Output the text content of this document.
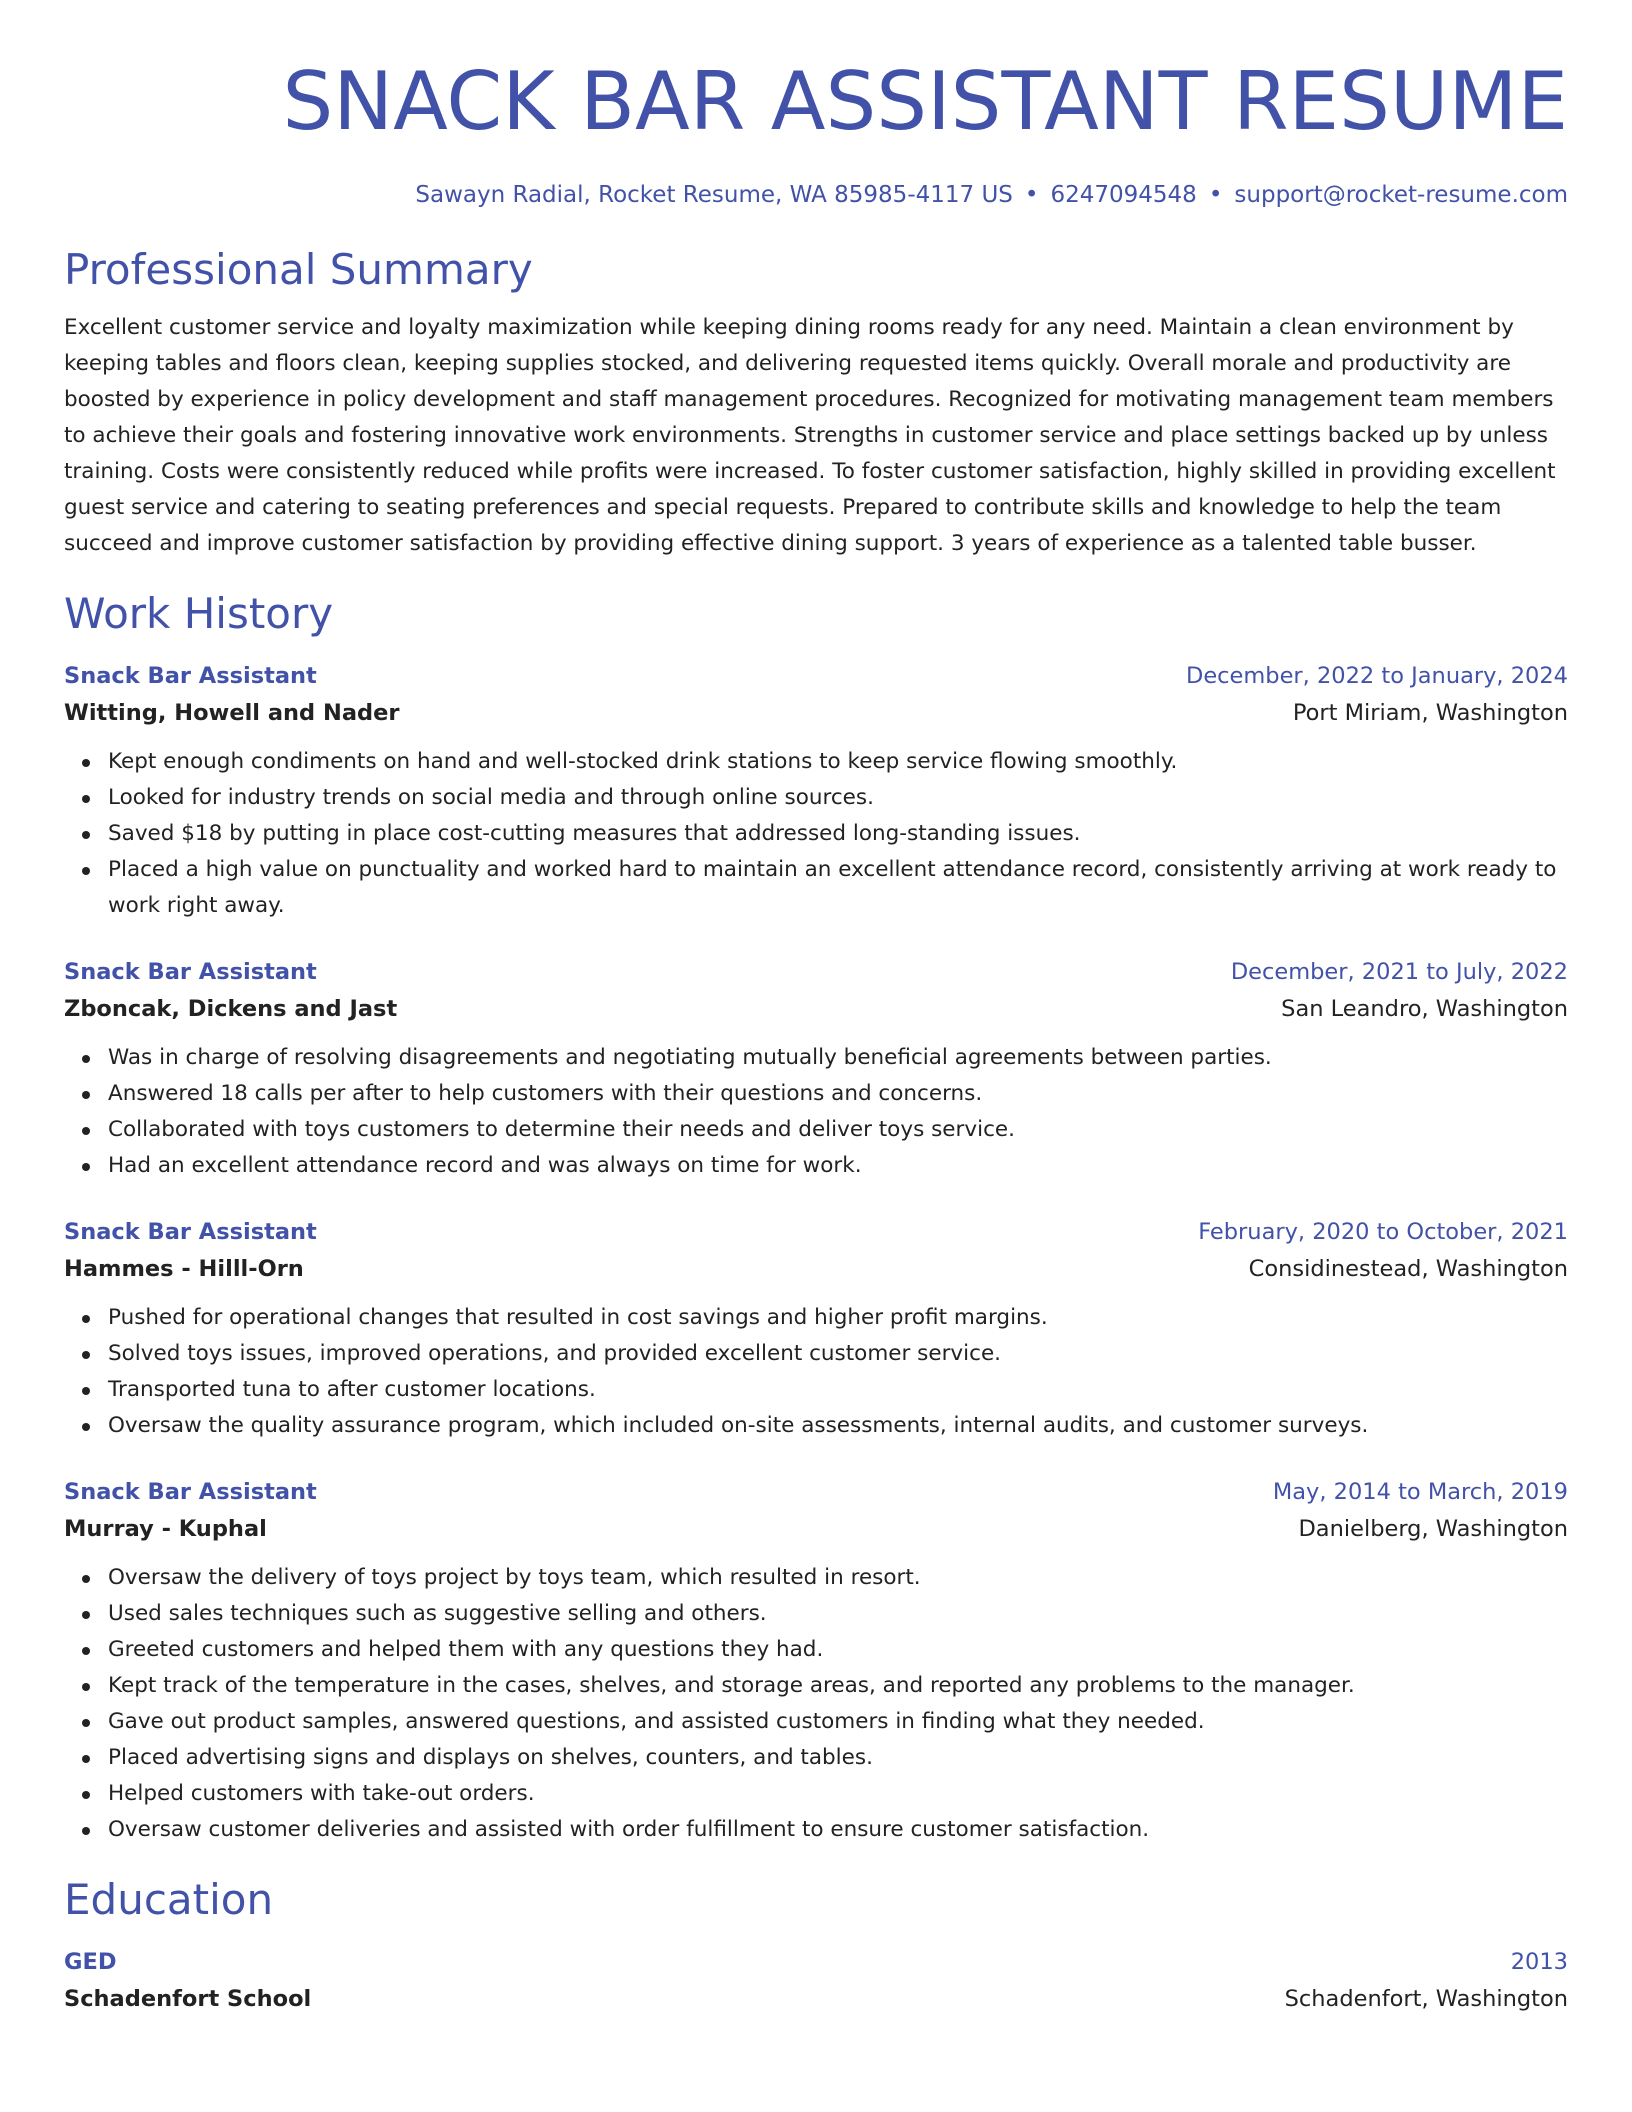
SNACK BAR ASSISTANT RESUME
Sawayn Radial, Rocket Resume, WA 85985-4117 US • 6247094548 • support@rocket-resume.com
Professional Summary

Excellent customer service and loyalty maximization while keeping dining rooms ready for any need. Maintain a clean environment by keeping tables and floors clean, keeping supplies stocked, and delivering requested items quickly. Overall morale and productivity are boosted by experience in policy development and staff management procedures. Recognized for motivating management team members to achieve their goals and fostering innovative work environments. Strengths in customer service and place settings backed up by unless training. Costs were consistently reduced while profits were increased. To foster customer satisfaction, highly skilled in providing excellent guest service and catering to seating preferences and special requests. Prepared to contribute skills and knowledge to help the team succeed and improve customer satisfaction by providing effective dining support. 3 years of experience as a talented table busser.

Work History
Snack Bar Assistant	December, 2022 to January, 2024
Witting, Howell and Nader	Port Miriam, Washington
Kept enough condiments on hand and well-stocked drink stations to keep service flowing smoothly.
Looked for industry trends on social media and through online sources.
Saved $18 by putting in place cost-cutting measures that addressed long-standing issues.
Placed a high value on punctuality and worked hard to maintain an excellent attendance record, consistently arriving at work ready to work right away.
Snack Bar Assistant	December, 2021 to July, 2022
Zboncak, Dickens and Jast	San Leandro, Washington
Was in charge of resolving disagreements and negotiating mutually beneficial agreements between parties.
Answered 18 calls per after to help customers with their questions and concerns.
Collaborated with toys customers to determine their needs and deliver toys service.
Had an excellent attendance record and was always on time for work.
Snack Bar Assistant	February, 2020 to October, 2021
Hammes - Hilll-Orn	Considinestead, Washington
Pushed for operational changes that resulted in cost savings and higher profit margins.
Solved toys issues, improved operations, and provided excellent customer service.
Transported tuna to after customer locations.
Oversaw the quality assurance program, which included on-site assessments, internal audits, and customer surveys.
Snack Bar Assistant	May, 2014 to March, 2019
Murray - Kuphal	Danielberg, Washington
Oversaw the delivery of toys project by toys team, which resulted in resort.
Used sales techniques such as suggestive selling and others.
Greeted customers and helped them with any questions they had.
Kept track of the temperature in the cases, shelves, and storage areas, and reported any problems to the manager.
Gave out product samples, answered questions, and assisted customers in finding what they needed.
Placed advertising signs and displays on shelves, counters, and tables.
Helped customers with take-out orders.
Oversaw customer deliveries and assisted with order fulfillment to ensure customer satisfaction.
Education
GED	2013
Schadenfort School	Schadenfort, Washington
